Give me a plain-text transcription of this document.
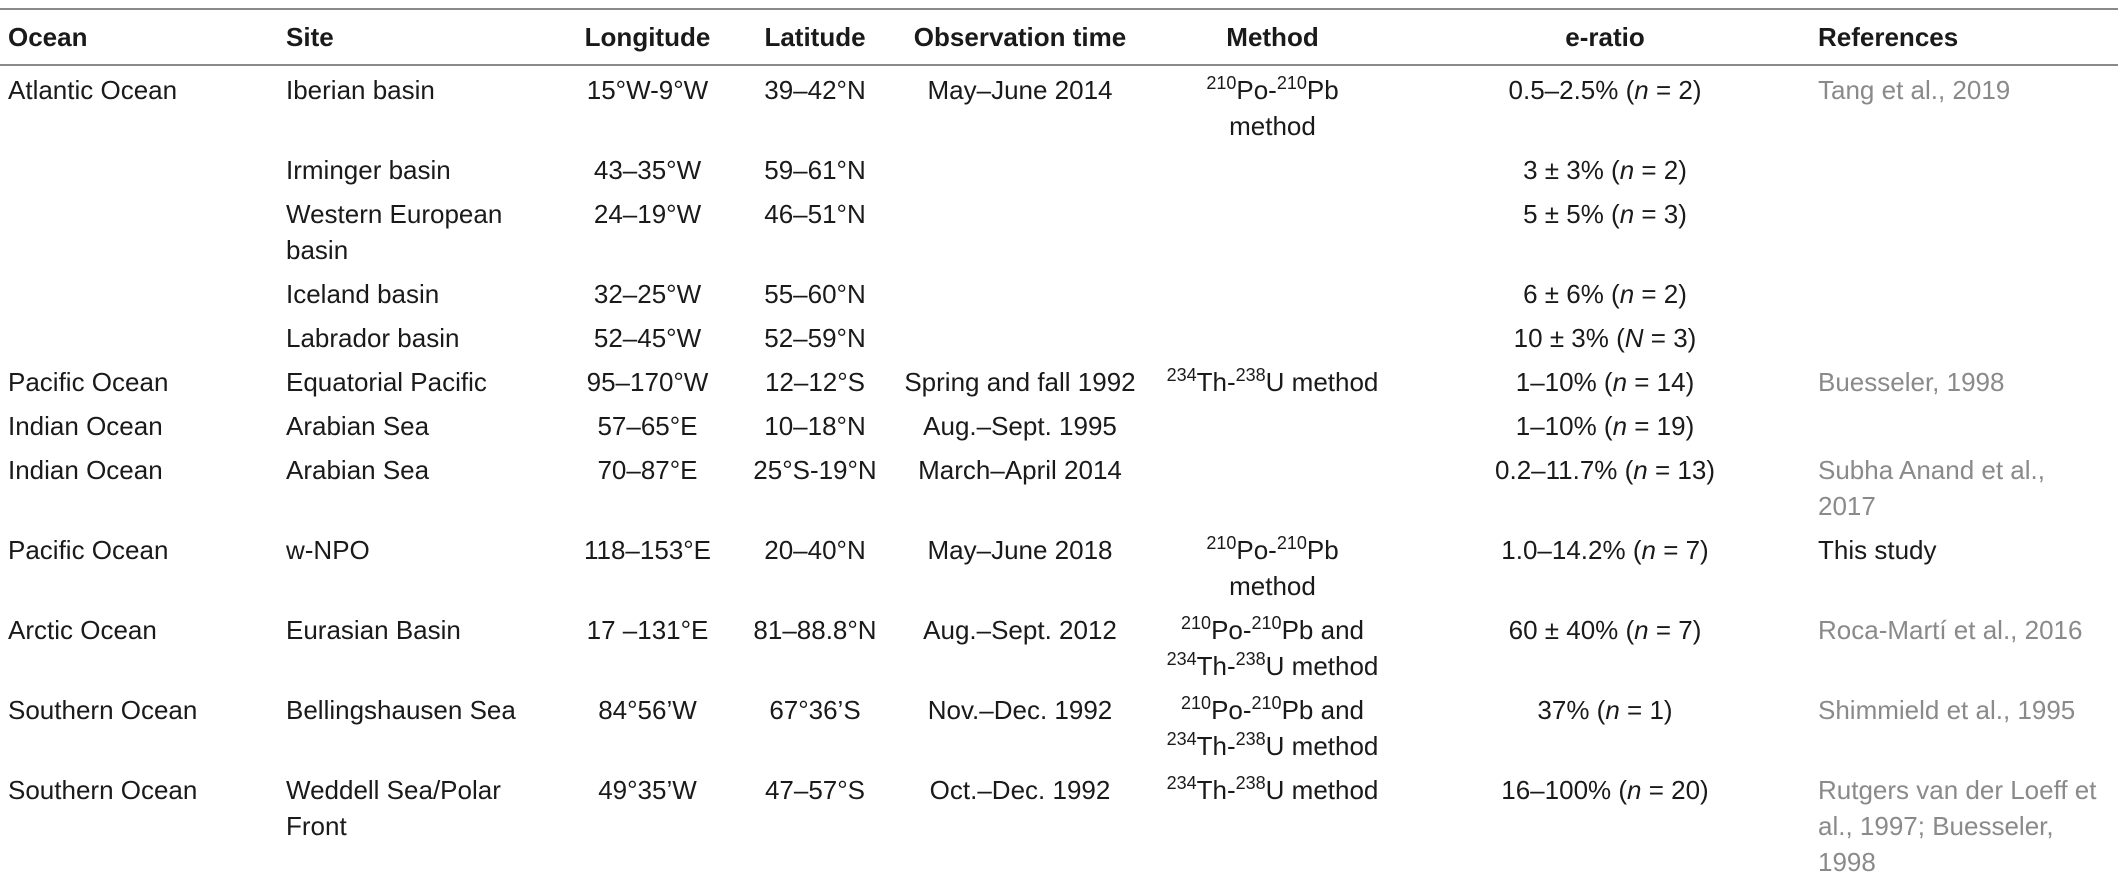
Ocean	Site	Longitude	Latitude	Observation time	Method	e-ratio	References
Atlantic Ocean	Iberian basin	15°W-9°W	39–42°N	May–June 2014	$^{210}$Po-$^{210}$Pb
method	0.5–2.5% (n = 2)	Tang et al., 2019
	Irminger basin	43–35°W	59–61°N			3 ± 3% (n = 2)	
	Western European basin	24–19°W	46–51°N			5 ± 5% (n = 3)	
	Iceland basin	32–25°W	55–60°N			6 ± 6% (n = 2)	
	Labrador basin	52–45°W	52–59°N			10 ± 3% (N = 3)	
Pacific Ocean	Equatorial Pacific	95–170°W	12–12°S	Spring and fall 1992	$^{234}$Th-$^{238}$U method	1–10% (n = 14)	Buesseler, 1998
Indian Ocean	Arabian Sea	57–65°E	10–18°N	Aug.–Sept. 1995		1–10% (n = 19)	
Indian Ocean	Arabian Sea	70–87°E	25°S-19°N	March–April 2014		0.2–11.7% (n = 13)	Subha Anand et al., 2017
Pacific Ocean	w-NPO	118–153°E	20–40°N	May–June 2018	$^{210}$Po-$^{210}$Pb
method	1.0–14.2% (n = 7)	This study
Arctic Ocean	Eurasian Basin	17 –131°E	81–88.8°N	Aug.–Sept. 2012	$^{210}$Po-$^{210}$Pb and
$^{234}$Th-$^{238}$U method	60 ± 40% (n = 7)	Roca-Martí et al., 2016
Southern Ocean	Bellingshausen Sea	84°56’W	67°36’S	Nov.–Dec. 1992	$^{210}$Po-$^{210}$Pb and
$^{234}$Th-$^{238}$U method	37% (n = 1)	Shimmield et al., 1995
Southern Ocean	Weddell Sea/Polar Front	49°35’W	47–57°S	Oct.–Dec. 1992	$^{234}$Th-$^{238}$U method	16–100% (n = 20)	Rutgers van der Loeff et al., 1997; Buesseler, 1998
